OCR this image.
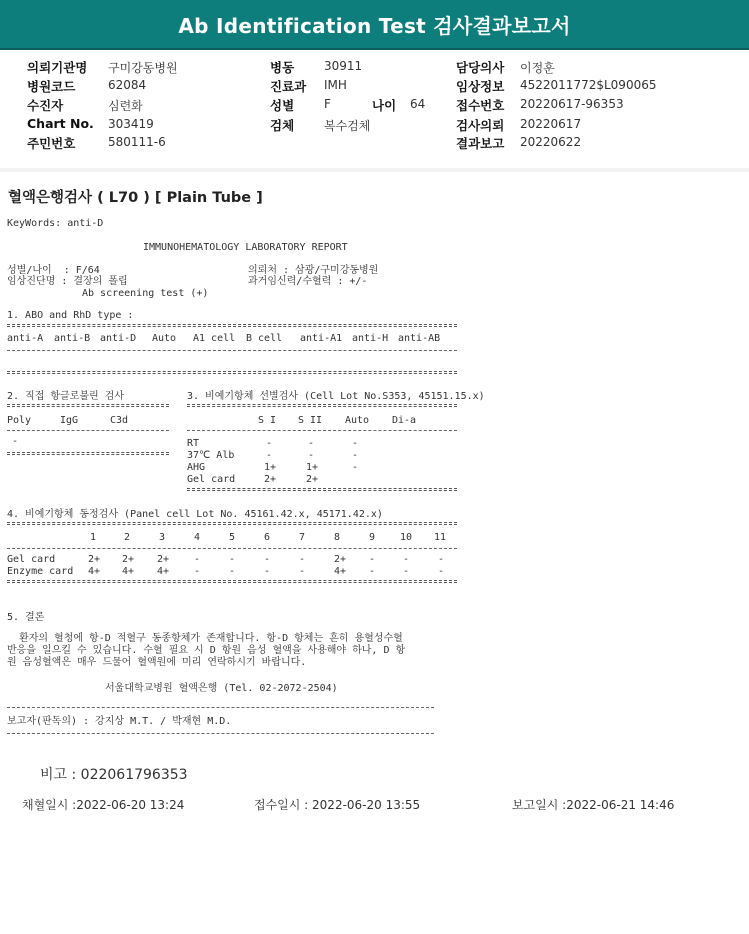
Ab Identification Test 검사결과보고서
의뢰기관명 구미강동병원
병원코드	62084
수진자	심련화
Chart No. 303419
주민번호	580111-6
병동 30911
진료과 IMH
성별 F	나이 64
검체 복수검체
담당의사 이정훈
임상정보 4522011772$L090065
접수번호 20220617-96353
검사의뢰 20220617
결과보고 20220622
혈액은행검사 ( L70 ) [ Plain Tube ]
KeyWords: anti-D
IMMUNOHEMATOLOGY LABORATORY REPORT
성별/나이  : F/64
임상진단명 : 결장의 폴립
Ab screening test (+)
의뢰처 : 삼광/구미강동병원
과거임신력/수혈력 : +/-
1. ABO and RhD type :
anti-A anti-B anti-D Auto A1 cell B cell anti-A1 anti-H anti-AB
2. 직접 항글로불린 검사
Poly	IgG	C3d
-
3. 비예기항체 선별검사 (Cell Lot No.S353, 45151.15.x)
S I S II Auto Di-a
RT	-	-	-
37℃ Alb	-	-	-
AHG	1+	1+	-
Gel card	2+	2+
4. 비예기항체 동정검사 (Panel cell Lot No. 45161.42.x, 45171.42.x)
1	2	3	4	5	6	7	8	9 10 11
Gel card	2+ 2+ 2+ -	-	-	-	2+ -	-	-
Enzyme card 4+ 4+ 4+ -	-	-	-	4+ -	-	-
5. 결론
환자의 혈청에 항-D 적혈구 동종항체가 존재합니다. 항-D 항체는 흔히 용혈성수혈
반응을 일으킬 수 있습니다. 수혈 필요 시 D 항원 음성 혈액을 사용해야 하나, D 항
원 음성혈액은 매우 드물어 혈액원에 미리 연락하시기 바랍니다.
서울대학교병원 혈액은행 (Tel. 02-2072-2504)
보고자(판독의) : 강지상 M.T. / 박재현 M.D.
비고 : 022061796353
채혈일시 :2022-06-20 13:24	접수일시 : 2022-06-20 13:55	보고일시 :2022-06-21 14:46
